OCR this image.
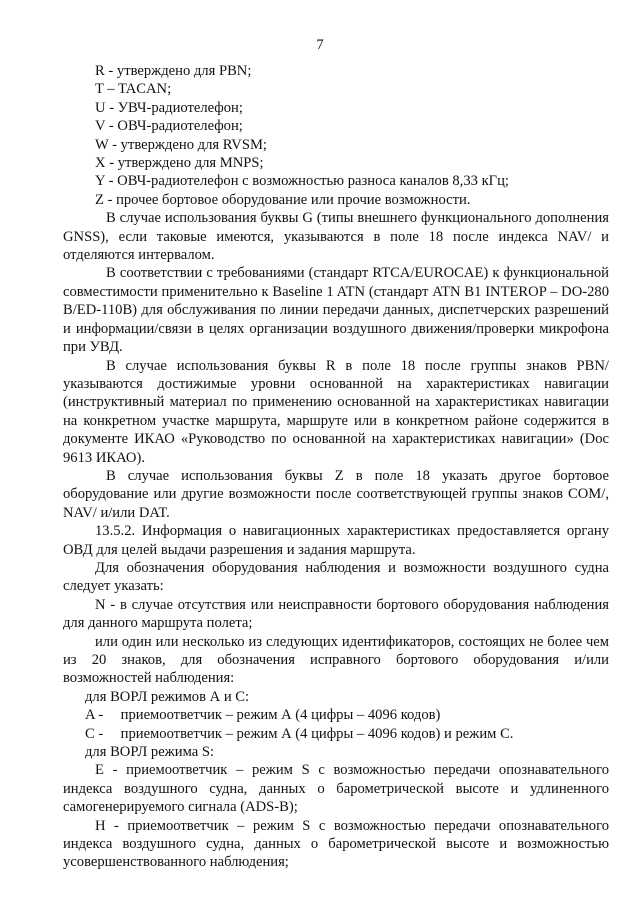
7

R - утверждено для PBN;

T – TACAN;

U - УВЧ-радиотелефон;

V - ОВЧ-радиотелефон;

W - утверждено для RVSM;

X - утверждено для MNPS;

Y - ОВЧ-радиотелефон с возможностью разноса каналов 8,33 кГц;

Z - прочее бортовое оборудование или прочие возможности.

В случае использования буквы G (типы внешнего функционального дополнения GNSS), если таковые имеются, указываются в поле 18 после индекса NAV/ и отделяются интервалом.

В соответствии с требованиями (стандарт RTCA/EUROCAE) к функциональной совместимости применительно к Baseline 1 ATN (стандарт ATN B1 INTEROP – DO-280 B/ED-110B) для обслуживания по линии передачи данных, диспетчерских разрешений и информации/связи в целях организации воздушного движения/проверки микрофона при УВД.

В случае использования буквы R в поле 18 после группы знаков PBN/ указываются достижимые уровни основанной на характеристиках навигации (инструктивный материал по применению основанной на характеристиках навигации на конкретном участке маршрута, маршруте или в конкретном районе содержится в документе ИКАО «Руководство по основанной на характеристиках навигации» (Doc 9613 ИКАО).

В случае использования буквы Z в поле 18 указать другое бортовое оборудование или другие возможности после соответствующей группы знаков COM/, NAV/ и/или DAT.

13.5.2. Информация о навигационных характеристиках предоставляется органу ОВД для целей выдачи разрешения и задания маршрута.

Для обозначения оборудования наблюдения и возможности воздушного судна следует указать:

N - в случае отсутствия или неисправности бортового оборудования наблюдения для данного маршрута полета;

или один или несколько из следующих идентификаторов, состоящих не более чем из 20 знаков, для обозначения исправного бортового оборудования и/или возможностей наблюдения:

для ВОРЛ режимов А и С:

A - приемоответчик – режим А (4 цифры – 4096 кодов)

C - приемоответчик – режим А (4 цифры – 4096 кодов) и режим С.

для ВОРЛ режима S:

E - приемоответчик – режим S с возможностью передачи опознавательного индекса воздушного судна, данных о барометрической высоте и удлиненного самогенерируемого сигнала (ADS-B);

H - приемоответчик – режим S с возможностью передачи опознавательного индекса воздушного судна, данных о барометрической высоте и возможностью усовершенствованного наблюдения;
